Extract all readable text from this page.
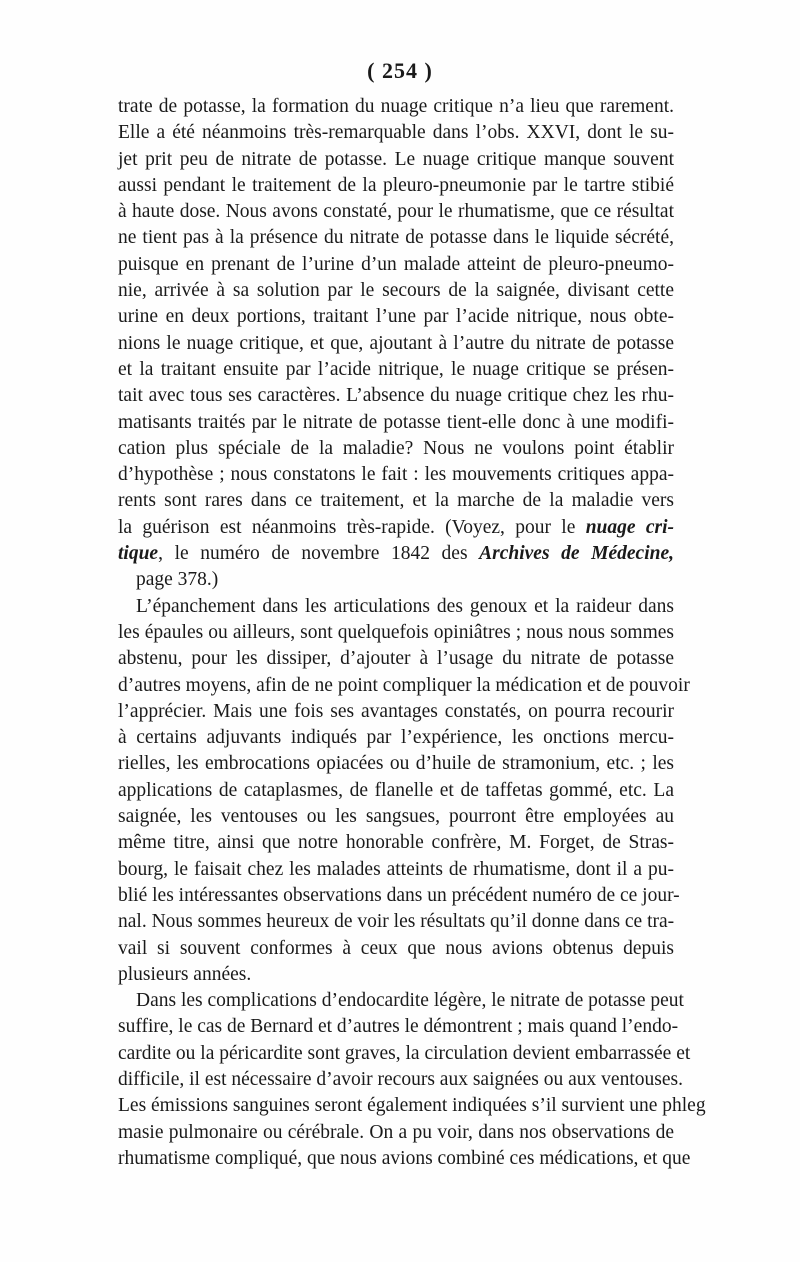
( 254 )
trate de potasse, la formation du nuage critique n’a lieu que rarement.
Elle a été néanmoins très-remarquable dans l’obs. XXVI, dont le su-
jet prit peu de nitrate de potasse. Le nuage critique manque souvent
aussi pendant le traitement de la pleuro-pneumonie par le tartre stibié
à haute dose. Nous avons constaté, pour le rhumatisme, que ce résultat
ne tient pas à la présence du nitrate de potasse dans le liquide sécrété,
puisque en prenant de l’urine d’un malade atteint de pleuro-pneumo-
nie, arrivée à sa solution par le secours de la saignée, divisant cette
urine en deux portions, traitant l’une par l’acide nitrique, nous obte-
nions le nuage critique, et que, ajoutant à l’autre du nitrate de potasse
et la traitant ensuite par l’acide nitrique, le nuage critique se présen-
tait avec tous ses caractères. L’absence du nuage critique chez les rhu-
matisants traités par le nitrate de potasse tient-elle donc à une modifi-
cation plus spéciale de la maladie? Nous ne voulons point établir
d’hypothèse ; nous constatons le fait : les mouvements critiques appa-
rents sont rares dans ce traitement, et la marche de la maladie vers
la guérison est néanmoins très-rapide. (Voyez, pour le nuage cri-
tique, le numéro de novembre 1842 des Archives de Médecine,
page 378.)
L’épanchement dans les articulations des genoux et la raideur dans
les épaules ou ailleurs, sont quelquefois opiniâtres ; nous nous sommes
abstenu, pour les dissiper, d’ajouter à l’usage du nitrate de potasse
d’autres moyens, afin de ne point compliquer la médication et de pouvoir
l’apprécier. Mais une fois ses avantages constatés, on pourra recourir
à certains adjuvants indiqués par l’expérience, les onctions mercu-
rielles, les embrocations opiacées ou d’huile de stramonium, etc. ; les
applications de cataplasmes, de flanelle et de taffetas gommé, etc. La
saignée, les ventouses ou les sangsues, pourront être employées au
même titre, ainsi que notre honorable confrère, M. Forget, de Stras-
bourg, le faisait chez les malades atteints de rhumatisme, dont il a pu-
blié les intéressantes observations dans un précédent numéro de ce jour-
nal. Nous sommes heureux de voir les résultats qu’il donne dans ce tra-
vail si souvent conformes à ceux que nous avions obtenus depuis
plusieurs années.
Dans les complications d’endocardite légère, le nitrate de potasse peut
suffire, le cas de Bernard et d’autres le démontrent ; mais quand l’endo-
cardite ou la péricardite sont graves, la circulation devient embarrassée et
difficile, il est nécessaire d’avoir recours aux saignées ou aux ventouses.
Les émissions sanguines seront également indiquées s’il survient une phleg
masie pulmonaire ou cérébrale. On a pu voir, dans nos observations de
rhumatisme compliqué, que nous avions combiné ces médications, et que
